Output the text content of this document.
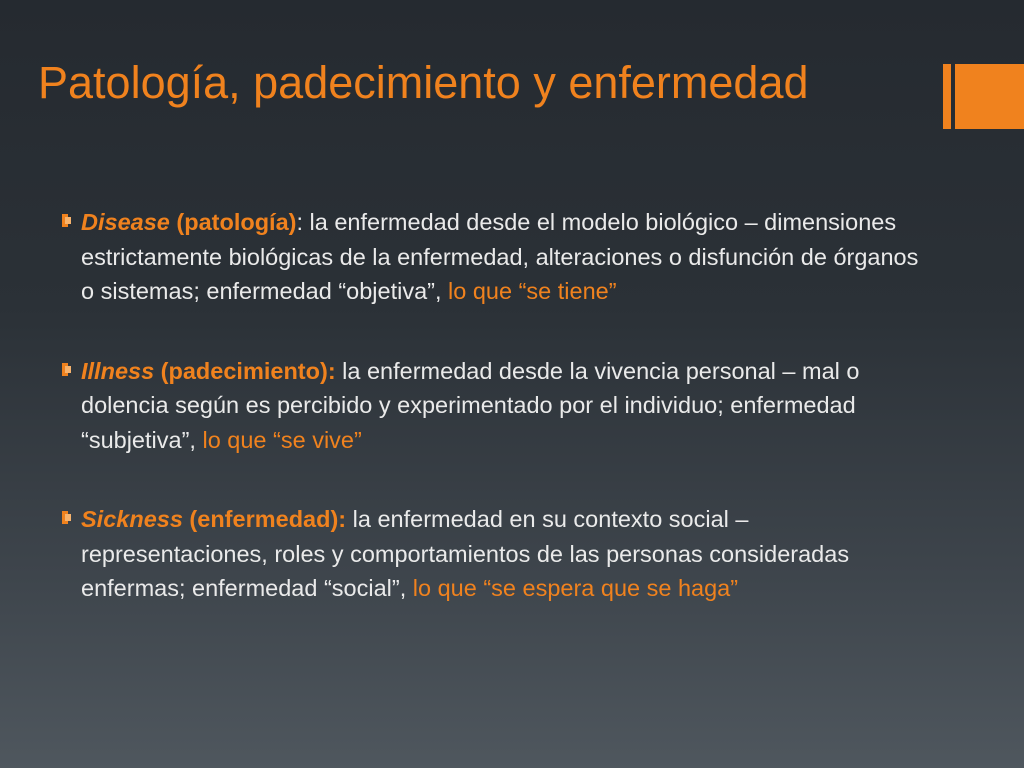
Patología, padecimiento y enfermedad
Disease (patología): la enfermedad desde el modelo biológico – dimensiones estrictamente biológicas de la enfermedad, alteraciones o disfunción de órganos o sistemas; enfermedad “objetiva”, lo que “se tiene”
Illness (padecimiento): la enfermedad desde la vivencia personal – mal o dolencia según es percibido y experimentado por el individuo; enfermedad “subjetiva”, lo que “se vive”
Sickness (enfermedad): la enfermedad en su contexto social – representaciones, roles y comportamientos de las personas consideradas enfermas; enfermedad “social”, lo que “se espera que se haga”
